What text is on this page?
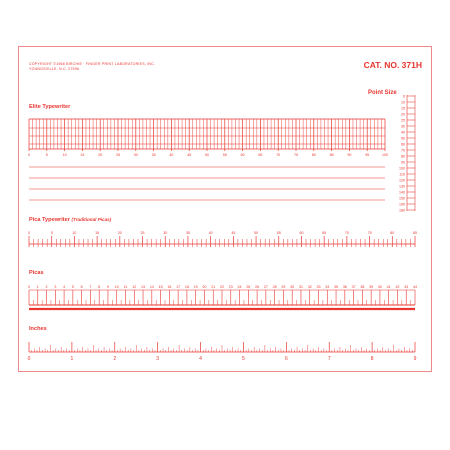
COPYRIGHT ©1968 BIRCHIE · FINGER PRINT LABORATORIES, INC.
YOUNGSVILLE, N.C. 27596	CAT. NO. 371H
Point Size
Elite Typewriter
Pica Typewriter (Traditional Picas)
Picas
Inches
0	5	10	15	20	25	30	35	40	45	50	55	60	65	70	75	80	85	90	95	100
6
10
15
20
25
30
40
50
60
70
80
90
100
110
120
130
140
150
190
180
0	5	10	15	20	25	30	35	40	45	50	55	60	65	70	75	80	85
0 1 2 3 4 5 6 7 8 9 10 11 12 13 14 15 16 17 18 19 20 21 22 23 24 25 26 27 28 29 30 31 32 33 34 35 36 37 38 39 40 41 42 43 44
0	1	2	3	4	5	6	7	8	9
